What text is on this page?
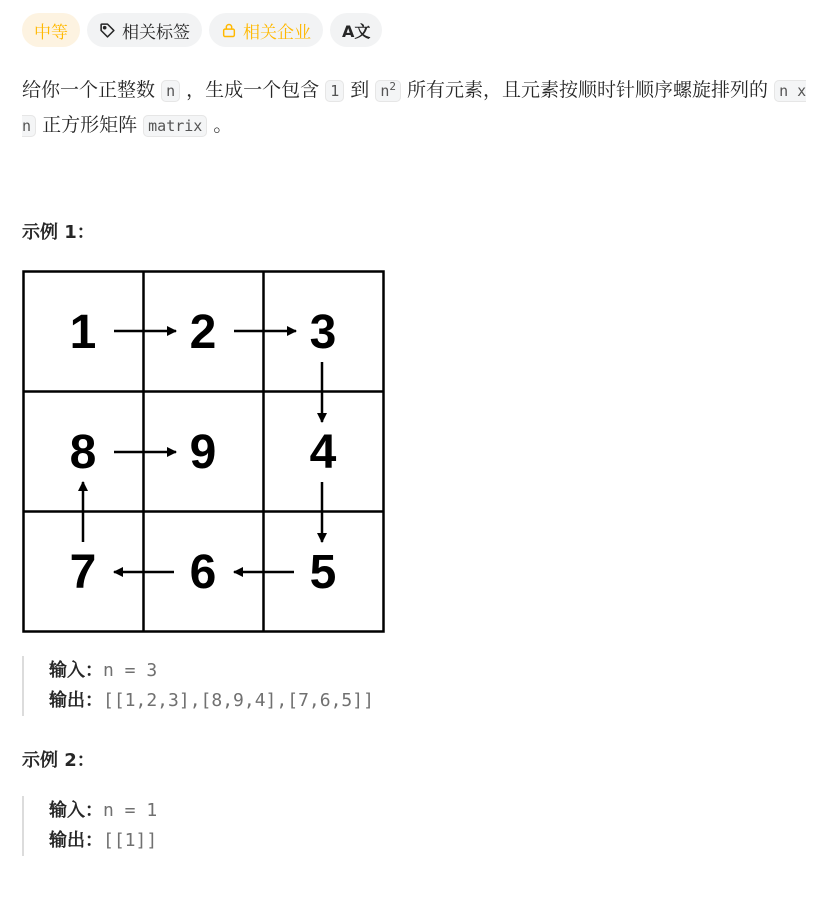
中等	相关标签	相关企业 A文
给你一个正整数 n ，生成一个包含 1 到 $n^2$ 所有元素，且元素按顺时针顺序螺旋排列的 n x n 正方形矩阵 matrix 。
示例 1：
1 2 3
8 9 4
7 6 5
输入：n = 3
输出：[[1,2,3],[8,9,4],[7,6,5]]
示例 2：
输入：n = 1
输出：[[1]]
